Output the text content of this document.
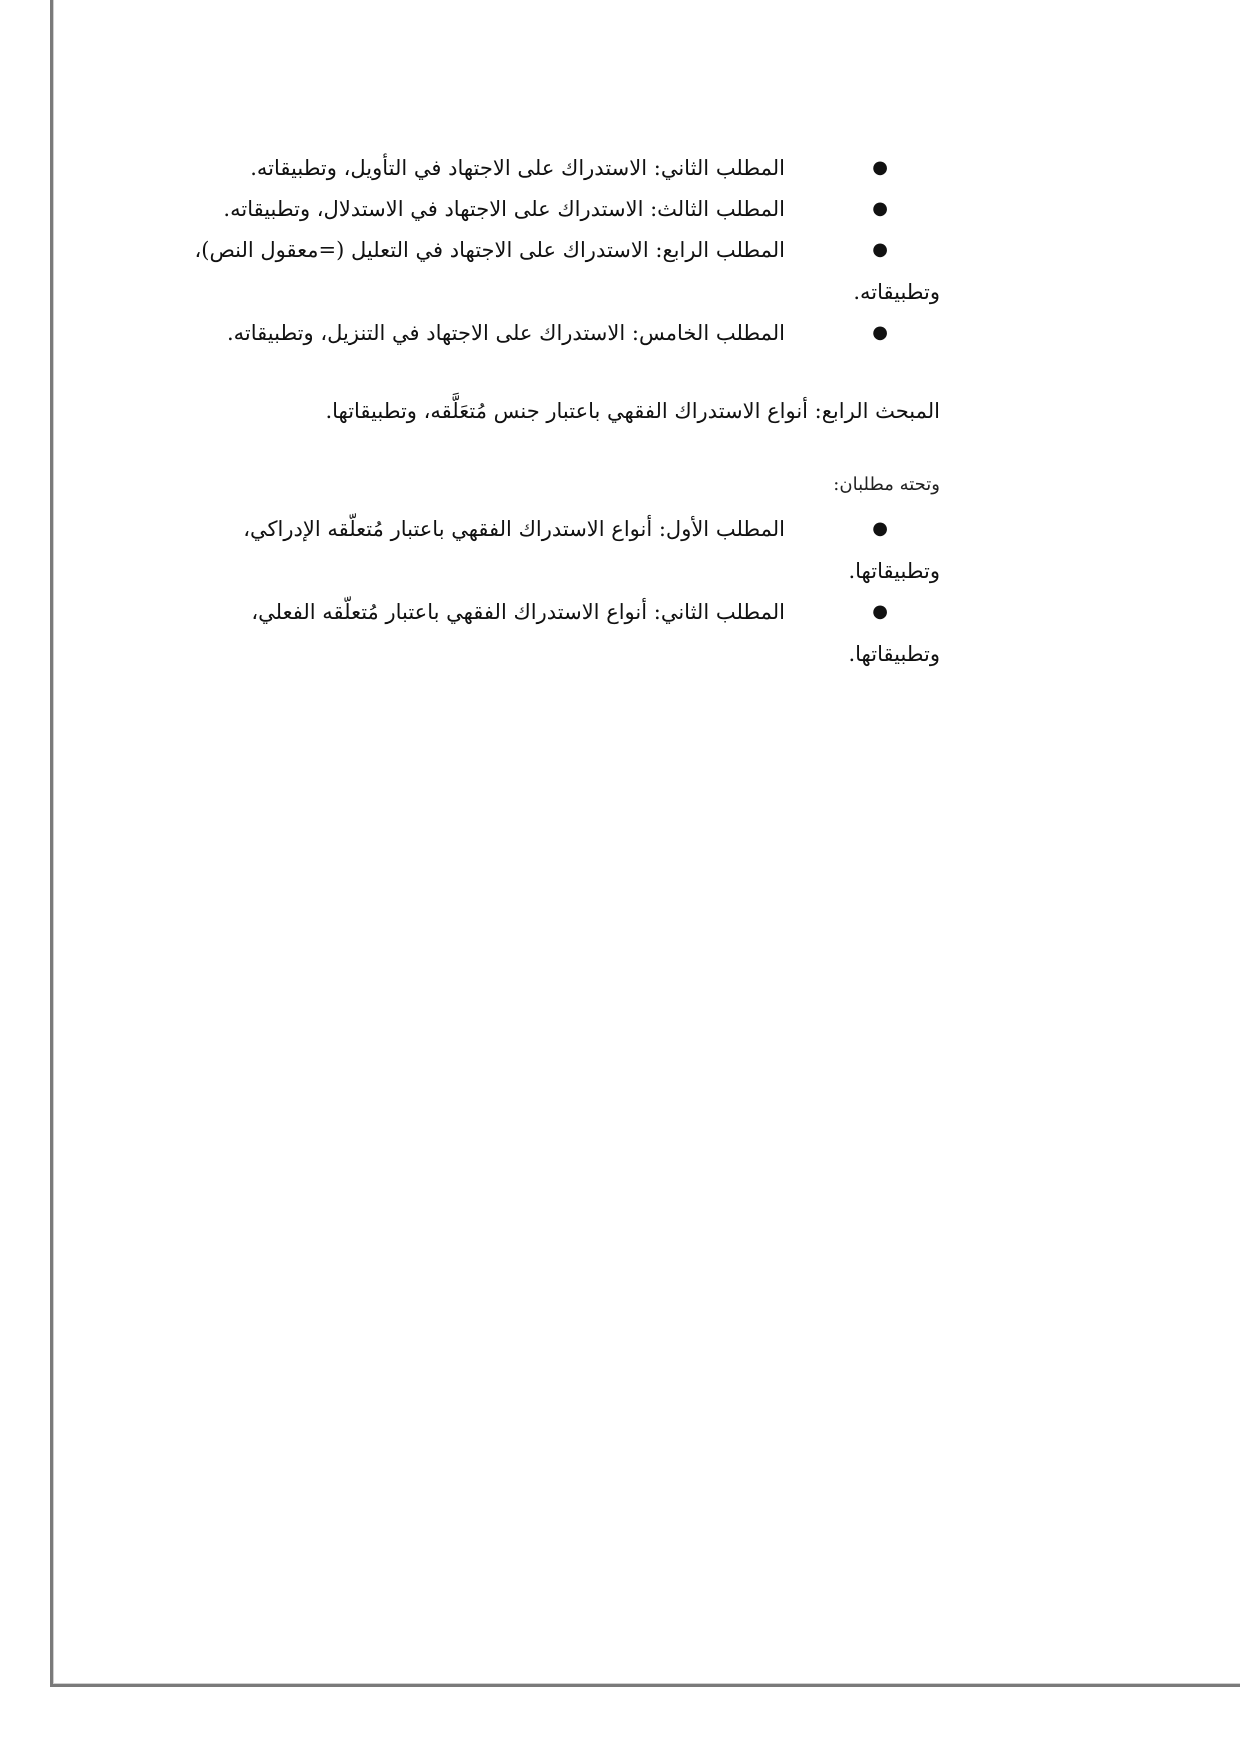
●
المطلب الثاني: الاستدراك على الاجتهاد في التأويل، وتطبيقاته.
●
المطلب الثالث: الاستدراك على الاجتهاد في الاستدلال، وتطبيقاته.
●
المطلب الرابع: الاستدراك على الاجتهاد في التعليل (=معقول النص)،
وتطبيقاته.
●
المطلب الخامس: الاستدراك على الاجتهاد في التنزيل، وتطبيقاته.

المبحث الرابع: أنواع الاستدراك الفقهي باعتبار جنس مُتعَلَّقه، وتطبيقاتها.

وتحته مطلبان:

●
المطلب الأول: أنواع الاستدراك الفقهي باعتبار مُتعلّقه الإدراكي،
وتطبيقاتها.
●
المطلب الثاني: أنواع الاستدراك الفقهي باعتبار مُتعلّقه الفعلي،
وتطبيقاتها.
